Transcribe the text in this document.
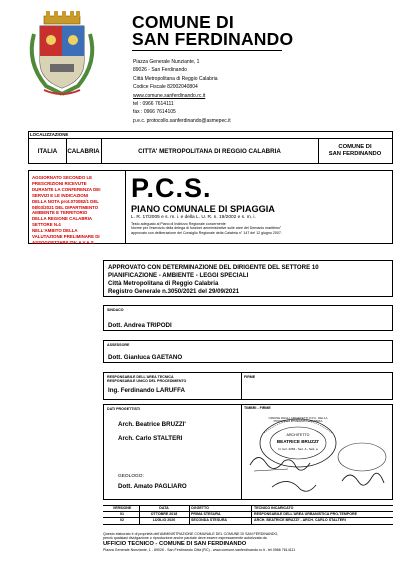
COMUNE DI
SAN FERDINANDO
Piazza Generale Nunziante, 1
89026 - San Ferdinando
Città Metropolitana di Reggio Calabria
Codice Fiscale 82002040804
www.comune.sanferdinando.rc.it
tel : 0966 7614111
fax : 0966 7614105
p.e.c. protocollo.sanferdinando@asmepec.it
LOCALIZZAZIONE
ITALIA	CALABRIA	CITTA' METROPOLITANA DI REGGIO CALABRIA
COMUNE DI
SAN FERDINANDO
AGGIORNATO SECONDO LE
PRESCRIZIONI RICEVUTE
DURANTE LA CONFERENZA DEI
SERVIZI E LE INDICAZIONI
DELLA NOTA prot.070082/1 DEL
08/03/2021 DEL DIPARTIMENTO
AMBIENTE E TERRITORIO
DELLA REGIONE CALABRIA
SETTORE N.4
NELL'AMBITO DELLA
VALUTAZIONE PRELIMINARE DI
ASSOGGETTABILITA' A V.A.S.
P.C.S.
PIANO COMUNALE DI SPIAGGIA
L. R. 17/2005 e s. m. i. e della L. U. R. n. 19/2002 e s. m. i.
Testo adeguato al Piano di Indirizzo Regionale concernente
Norme per l'esercizio della delega di funzioni amministrative sulle aree del Demanio marittimo"
approvato con deliberazione del Consiglio Regionale della Calabria n° 147 del 12 giugno 2007.
APPROVATO CON DETERMINAZIONE DEL DIRIGENTE DEL SETTORE 10
PIANIFICAZIONE - AMBIENTE - LEGGI SPECIALI
Città Metropolitana di Reggio Calabria
Registro Generale n.3050/2021 del 29/09/2021
SINDACO
Dott. Andrea TRIPODI
ASSESSORE
Dott. Gianluca GAETANO
RESPONSABILE DELL'AREA TECNICA
RESPONSABILE UNICO DEL PROCEDIMENTO
Ing. Ferdinando LARUFFA
FIRME
DATI PROGETTISTI
Arch. Beatrice BRUZZI'
Arch. Carlo STALTERI
GEOLOGO:
Dott. Amato PAGLIARO
TIMBRI - FIRME
ORDINE DEGLI ARCHITETTI P.P.C. DELLA PROVINCIA DI REGGIO CALABRIA
ARCHITETTO
BEATRICE BRUZZI'
N. Iscr. 2363 - Sez. A - Sett. a
VERSIONE	DATA	OGGETTO	TECNICO INCARICATO
01	OTTOBRE 2018	PRIMA STESURA	RESPONSABILE DELL'AREA URBANISTICA PRO-TEMPORE
02	LUGLIO 2020	SECONDA STESURA	ARCH. BEATRICE BRUZZI' - ARCH. CARLO STALTERI
Questo elaborato è di proprietà dell'AMMINISTRAZIONE COMUNALE DEL COMUNE DI SAN FERDINANDO,
perciò qualsiasi divulgazione o riproduzione anche parziale deve essere espressamente autorizzata da
UFFICIO TECNICO - COMUNE DI SAN FERDINANDO
Piazza Generale Nunziante, 1 - 89026 - San Ferdinando Città (RC) - www.comune.sanferdinando.rc.it - tel 0966 7614111
